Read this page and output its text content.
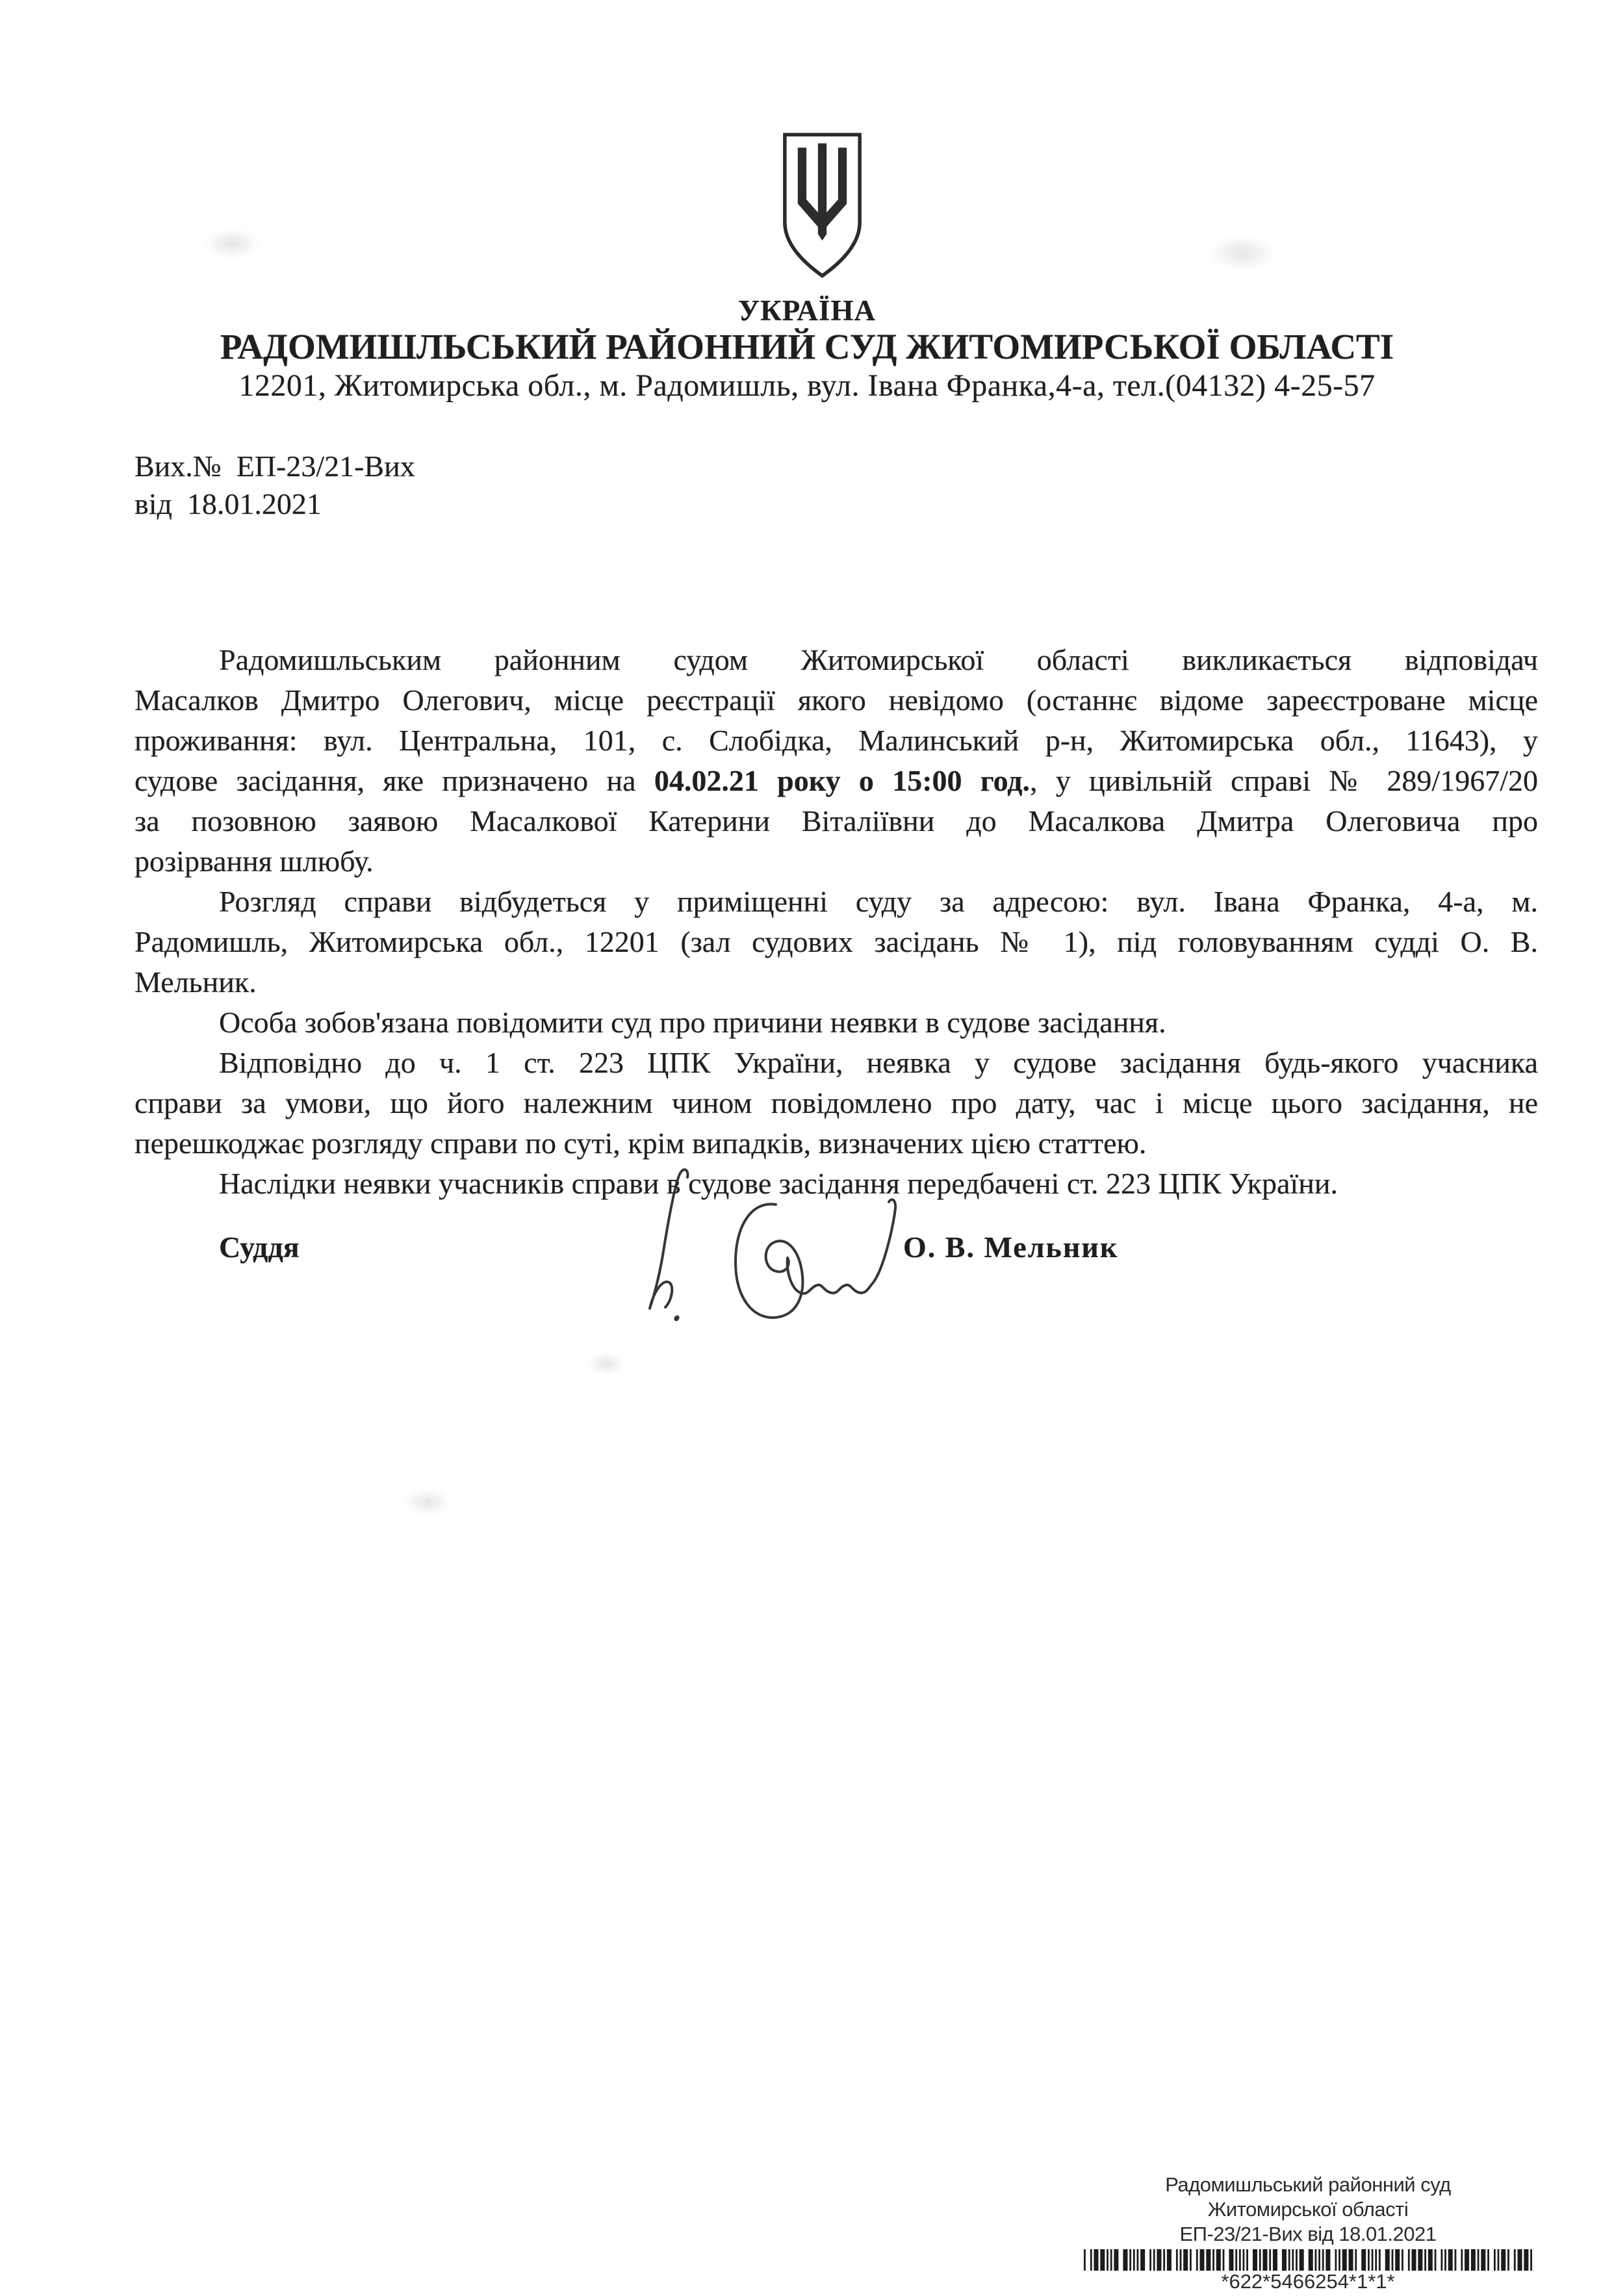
УКРАЇНА
РАДОМИШЛЬСЬКИЙ РАЙОННИЙ СУД ЖИТОМИРСЬКОЇ ОБЛАСТІ
12201, Житомирська обл., м. Радомишль, вул. Івана Франка,4-а, тел.(04132) 4-25-57
Вих.№  ЕП-23/21-Вих
від  18.01.2021
Радомишльським районним судом Житомирської області викликається відповідач
Масалков Дмитро Олегович, місце реєстрації якого невідомо (останнє відоме зареєстроване місце
проживання: вул. Центральна, 101, с. Слобідка, Малинський р-н, Житомирська обл., 11643), у
судове засідання, яке призначено на 04.02.21 року о 15:00 год., у цивільній справі № 289/1967/20
за позовною заявою Масалкової Катерини Віталіївни до Масалкова Дмитра Олеговича про
розірвання шлюбу.
Розгляд справи відбудеться у приміщенні суду за адресою: вул. Івана Франка, 4-а, м.
Радомишль, Житомирська обл., 12201 (зал судових засідань № 1), під головуванням судді О. В.
Мельник.
Особа зобов'язана повідомити суд про причини неявки в судове засідання.
Відповідно до ч. 1 ст. 223 ЦПК України, неявка у судове засідання будь-якого учасника
справи за умови, що його належним чином повідомлено про дату, час і місце цього засідання, не
перешкоджає розгляду справи по суті, крім випадків, визначених цією статтею.
Наслідки неявки учасників справи в судове засідання передбачені ст. 223 ЦПК України.
Суддя	О. В. Мельник
Радомишльський районний суд
Житомирської області
ЕП-23/21-Вих від 18.01.2021
*622*5466254*1*1*
